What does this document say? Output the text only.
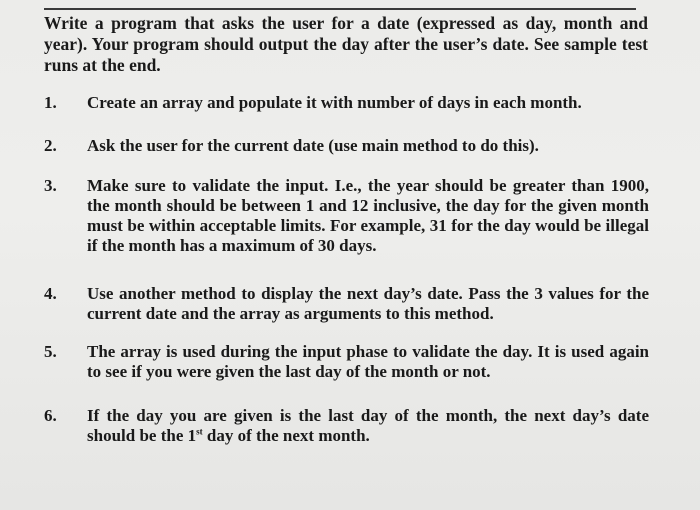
Write a program that asks the user for a date (expressed as day, month and year). Your program should output the day after the user’s date. See sample test runs at the end.
1. Create an array and populate it with number of days in each month.
2. Ask the user for the current date (use main method to do this).
3. Make sure to validate the input. I.e., the year should be greater than 1900, the month should be between 1 and 12 inclusive, the day for the given month must be within acceptable limits. For example, 31 for the day would be illegal if the month has a maximum of 30 days.
4. Use another method to display the next day’s date. Pass the 3 values for the current date and the array as arguments to this method.
5. The array is used during the input phase to validate the day. It is used again to see if you were given the last day of the month or not.
6. If the day you are given is the last day of the month, the next day’s date should be the 1st day of the next month.
